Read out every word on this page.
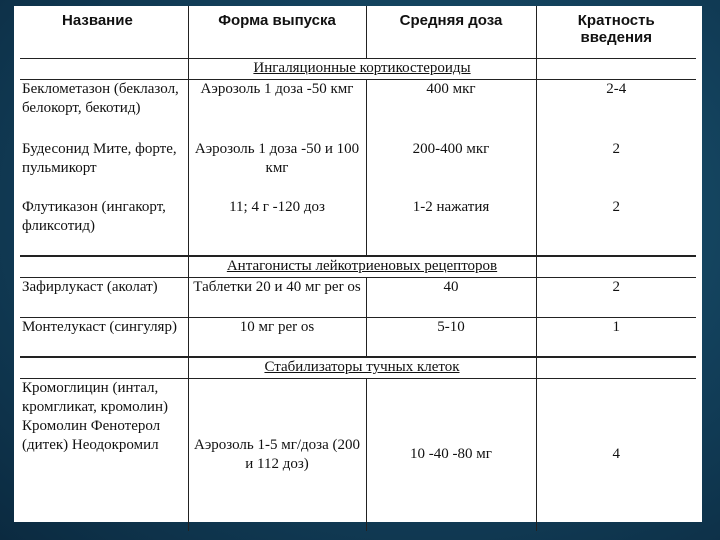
Название	Форма выпуска	Средняя доза	Кратность введения
	Ингаляционные кортикостероиды		
Беклометазон (беклазол, белокорт, бекотид)	Аэрозоль 1 доза -50 кмг	400 мкг	2-4
Будесонид Мите, форте, пульмикорт	Аэрозоль 1 доза -50 и 100 кмг	200-400 мкг	2
Флутиказон (ингакорт, фликсотид)	11; 4 г -120 доз	1-2 нажатия	2
	Антагонисты лейкотриеновых рецепторов		
Зафирлукаст (аколат)	Таблетки 20 и 40 мг per os	40	2
Монтелукаст (сингуляр)	10 мг per os	5-10	1
	Стабилизаторы тучных клеток		
Кромоглицин (интал, кромгликат, кромолин) Кромолин Фенотерол (дитек) Неодокромил	Аэрозоль 1-5 мг/доза (200 и 112 доз)	10 -40 -80 мг	4
